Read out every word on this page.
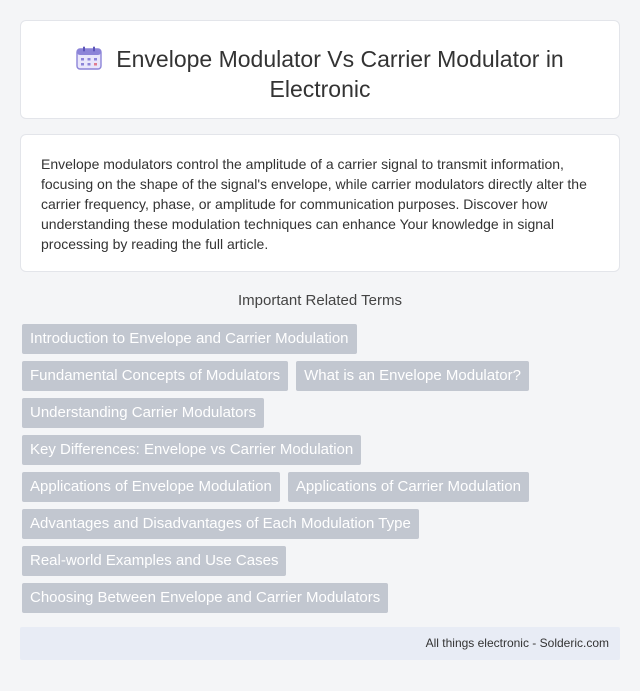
Envelope Modulator Vs Carrier Modulator in Electronic

Envelope modulators control the amplitude of a carrier signal to transmit information, focusing on the shape of the signal's envelope, while carrier modulators directly alter the carrier frequency, phase, or amplitude for communication purposes. Discover how understanding these modulation techniques can enhance Your knowledge in signal processing by reading the full article.

Important Related Terms
Introduction to Envelope and Carrier Modulation
Fundamental Concepts of Modulators	What is an Envelope Modulator?
Understanding Carrier Modulators
Key Differences: Envelope vs Carrier Modulation
Applications of Envelope Modulation	Applications of Carrier Modulation
Advantages and Disadvantages of Each Modulation Type
Real-world Examples and Use Cases
Choosing Between Envelope and Carrier Modulators
All things electronic - Solderic.com
